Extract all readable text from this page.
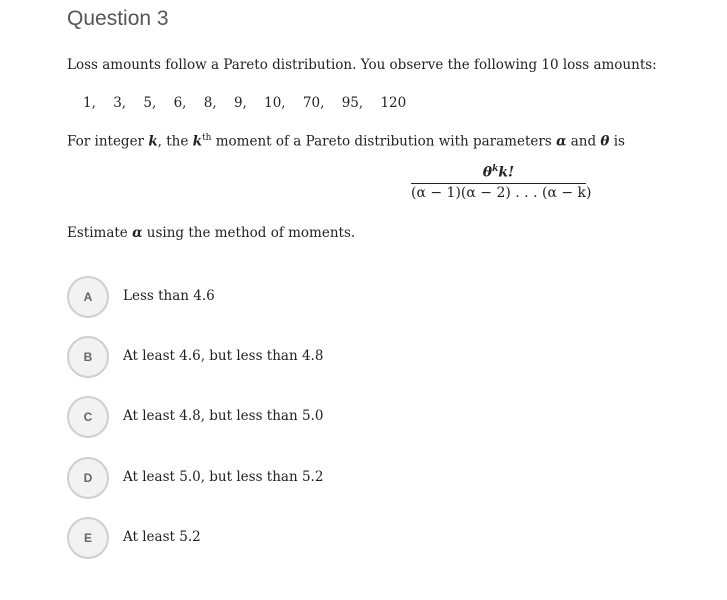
Question 3
Loss amounts follow a Pareto distribution. You observe the following 10 loss amounts:
1, 3, 5, 6, 8, 9, 10, 70, 95, 120
For integer k, the $k^{th}$ moment of a Pareto distribution with parameters α and θ is
$\theta^kk$!
(α − 1)(α − 2) . . . (α − k)
Estimate α using the method of moments.
A	Less than 4.6
B	At least 4.6, but less than 4.8
C	At least 4.8, but less than 5.0
D	At least 5.0, but less than 5.2
E	At least 5.2
